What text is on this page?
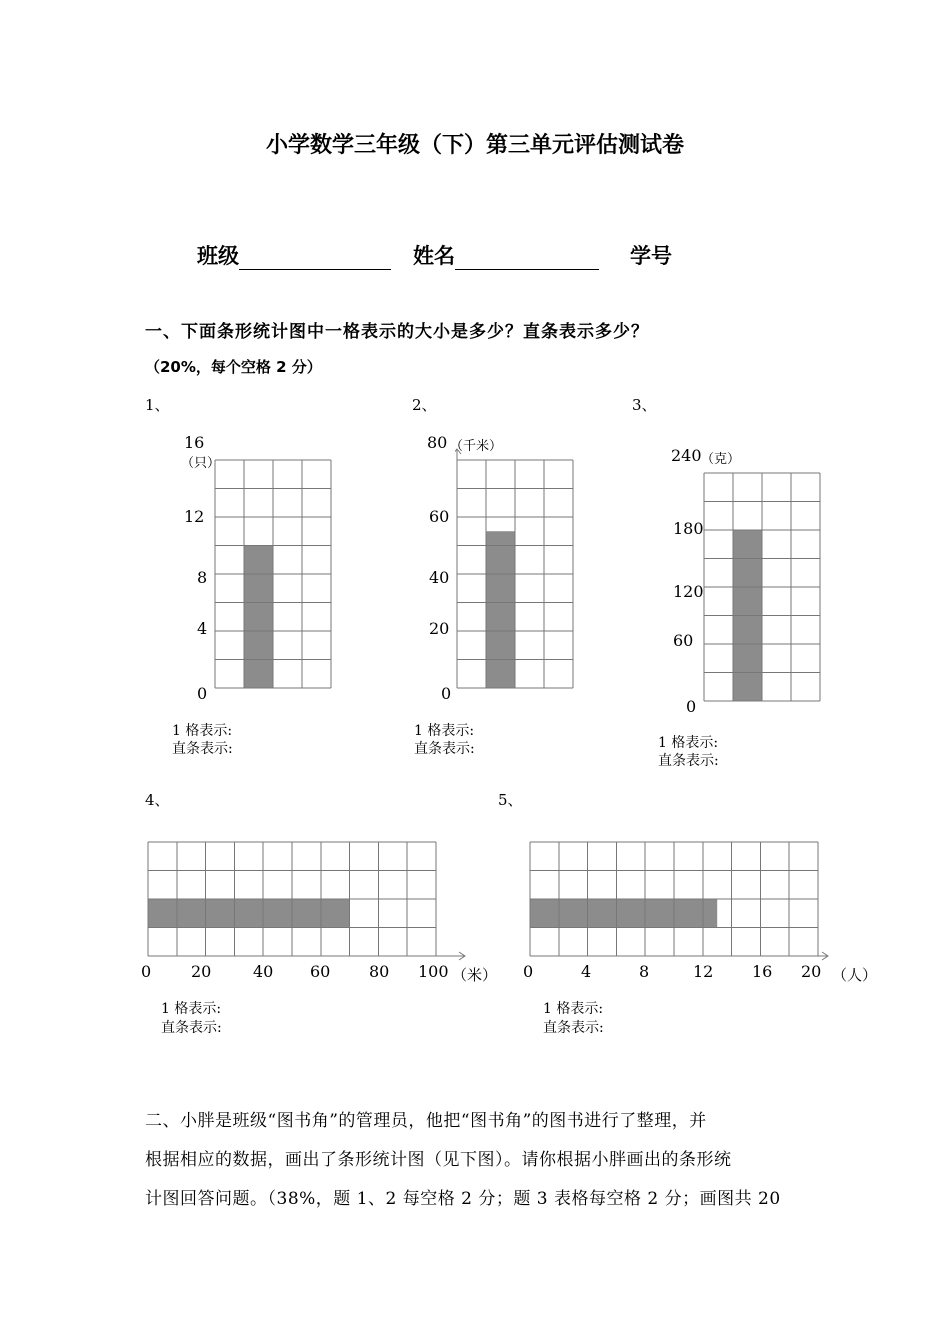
小学数学三年级（下）第三单元评估测试卷
班级	姓名	学号
一、下面条形统计图中一格表示的大小是多少？直条表示多少？
（20%，每个空格 2 分）
1、
16
（只）
12
8
4
0
1 格表示:
直条表示:
2、
80 （千米）
60
40
20
0
1 格表示:
直条表示:
3、
240 （克）
180
120
60
0
1 格表示:
直条表示:
4、
0 20	40 60 80 100 （米）
1 格表示:
直条表示:
5、
0	4	8	12 16 20 （人）
1 格表示:
直条表示:
二、小胖是班级“图书角”的管理员，他把“图书角”的图书进行了整理，并
根据相应的数据，画出了条形统计图（见下图）。请你根据小胖画出的条形统
计图回答问题。（38%，题 1、2 每空格 2 分；题 3 表格每空格 2 分；画图共 20
